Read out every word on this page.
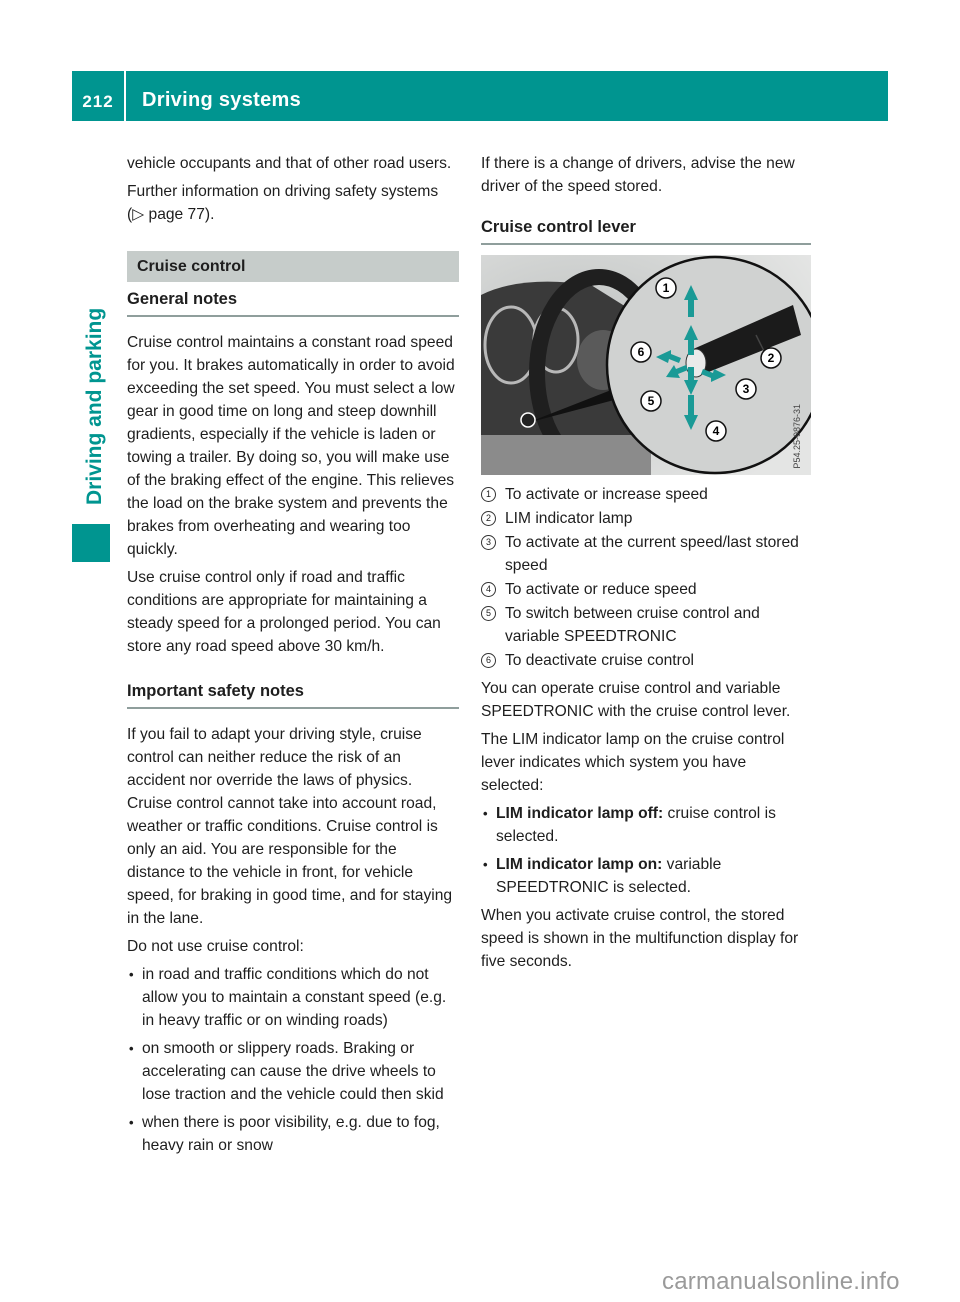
212	Driving systems
Driving and parking

vehicle occupants and that of other road users.

Further information on driving safety systems (▷ page 77).

Cruise control
General notes

Cruise control maintains a constant road speed for you. It brakes automatically in order to avoid exceeding the set speed. You must select a low gear in good time on long and steep downhill gradients, especially if the vehicle is laden or towing a trailer. By doing so, you will make use of the braking effect of the engine. This relieves the load on the brake system and prevents the brakes from overheating and wearing too quickly.

Use cruise control only if road and traffic conditions are appropriate for maintaining a steady speed for a prolonged period. You can store any road speed above 30 km/h.

Important safety notes

If you fail to adapt your driving style, cruise control can neither reduce the risk of an accident nor override the laws of physics. Cruise control cannot take into account road, weather or traffic conditions. Cruise control is only an aid. You are responsible for the distance to the vehicle in front, for vehicle speed, for braking in good time, and for staying in the lane.

Do not use cruise control:

• in road and traffic conditions which do not allow you to maintain a constant speed (e.g. in heavy traffic or on winding roads)
• on smooth or slippery roads. Braking or accelerating can cause the drive wheels to lose traction and the vehicle could then skid
• when there is poor visibility, e.g. due to fog, heavy rain or snow

If there is a change of drivers, advise the new driver of the speed stored.

Cruise control lever
1
2
3
4
5
6
P54.25-9876-31
1 To activate or increase speed
2 LIM indicator lamp
3 To activate at the current speed/last stored speed
4 To activate or reduce speed
5 To switch between cruise control and variable SPEEDTRONIC
6 To deactivate cruise control

You can operate cruise control and variable SPEEDTRONIC with the cruise control lever.

The LIM indicator lamp on the cruise control lever indicates which system you have selected:

• LIM indicator lamp off: cruise control is selected.
• LIM indicator lamp on: variable SPEEDTRONIC is selected.

When you activate cruise control, the stored speed is shown in the multifunction display for five seconds.

carmanualsonline.info
